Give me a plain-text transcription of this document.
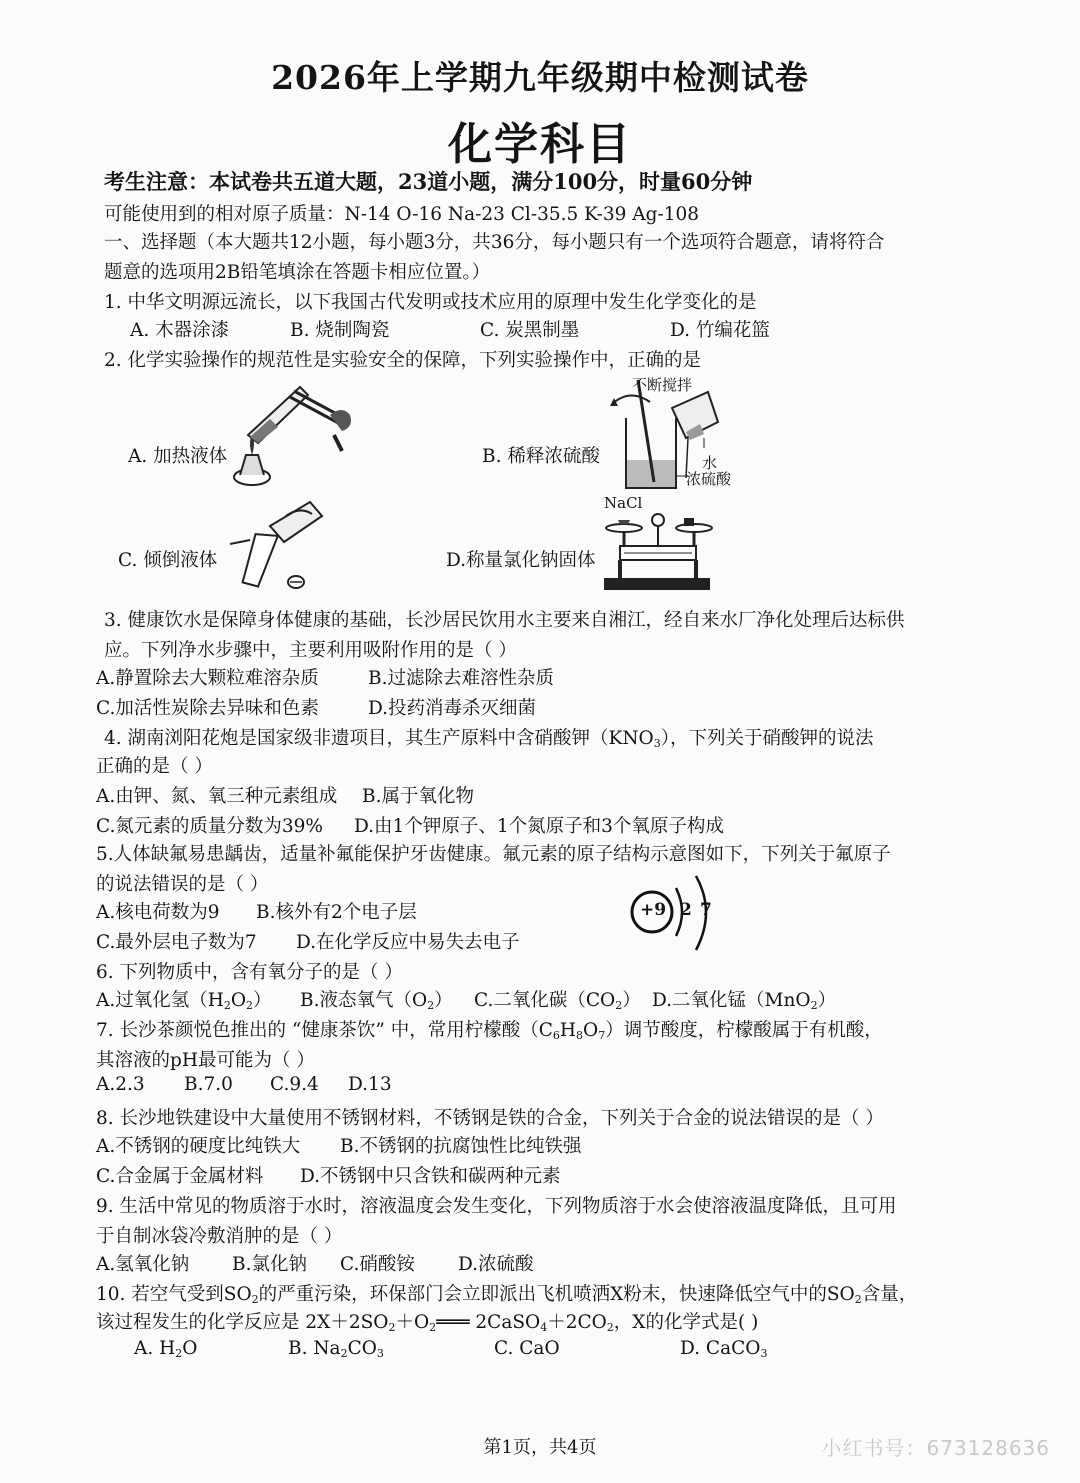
2026年上学期九年级期中检测试卷
化学科目
考生注意：本试卷共五道大题，23道小题，满分100分，时量60分钟
可能使用到的相对原子质量：N-14 O-16 Na-23 Cl-35.5 K-39 Ag-108
一、选择题（本大题共12小题，每小题3分，共36分，每小题只有一个选项符合题意，请将符合
题意的选项用2B铅笔填涂在答题卡相应位置。）
1. 中华文明源远流长，以下我国古代发明或技术应用的原理中发生化学变化的是
A. 木器涂漆	B. 烧制陶瓷	C. 炭黑制墨	D. 竹编花篮
2. 化学实验操作的规范性是实验安全的保障，下列实验操作中，正确的是
A. 加热液体
不断搅拌
水
浓硫酸
B. 稀释浓硫酸
C. 倾倒液体	D.称量氯化钠固体
NaCl
3. 健康饮水是保障身体健康的基础，长沙居民饮用水主要来自湘江，经自来水厂净化处理后达标供
应。下列净水步骤中，主要利用吸附作用的是（ ）
A.静置除去大颗粒难溶杂质	B.过滤除去难溶性杂质
C.加活性炭除去异味和色素	D.投药消毒杀灭细菌
4. 湖南浏阳花炮是国家级非遗项目，其生产原料中含硝酸钾$(KNO_3)$，下列关于硝酸钾的说法
正确的是（ ）
A.由钾、氮、氧三种元素组成 B.属于氧化物
C.氮元素的质量分数为39% D.由1个钾原子、1个氮原子和3个氧原子构成
5.人体缺氟易患龋齿，适量补氟能保护牙齿健康。氟元素的原子结构示意图如下，下列关于氟原子
的说法错误的是（ ）
A.核电荷数为9 B.核外有2个电子层
C.最外层电子数为7 D.在化学反应中易失去电子
+9 2 7
6. 下列物质中，含有氧分子的是（ ）
A.过氧化氢$(H_2O_2)$ B.液态氧气$(O_2)$ C.二氧化碳$(CO_2)$ D.二氧化锰（MnO$_2$）
7. 长沙茶颜悦色推出的 “健康茶饮” 中，常用柠檬酸$(C_6H_8O_7)$调节酸度，柠檬酸属于有机酸，
其溶液的pH最可能为（ ）
A.2.3 B.7.0 C.9.4 D.13
8. 长沙地铁建设中大量使用不锈钢材料，不锈钢是铁的合金，下列关于合金的说法错误的是（ ）
A.不锈钢的硬度比纯铁大 B.不锈钢的抗腐蚀性比纯铁强
C.合金属于金属材料 D.不锈钢中只含铁和碳两种元素
9. 生活中常见的物质溶于水时，溶液温度会发生变化，下列物质溶于水会使溶液温度降低，且可用
于自制冰袋冷敷消肿的是（ ）
A.氢氧化钠 B.氯化钠 C.硝酸铵 D.浓硫酸
10. 若空气受到$SO_2$的严重污染，环保部门会立即派出飞机喷洒X粉末，快速降低空气中的$SO_2$含量，
该过程发生的化学反应是 $2X+2SO_2+O_2═══$ $2CaSO_4+2CO_2$，X的化学式是( )
A. $H_2O$	B. $Na_2CO_3$	C. CaO	D. CaCO$_3$
第1页，共4页	小红书号：673128636
